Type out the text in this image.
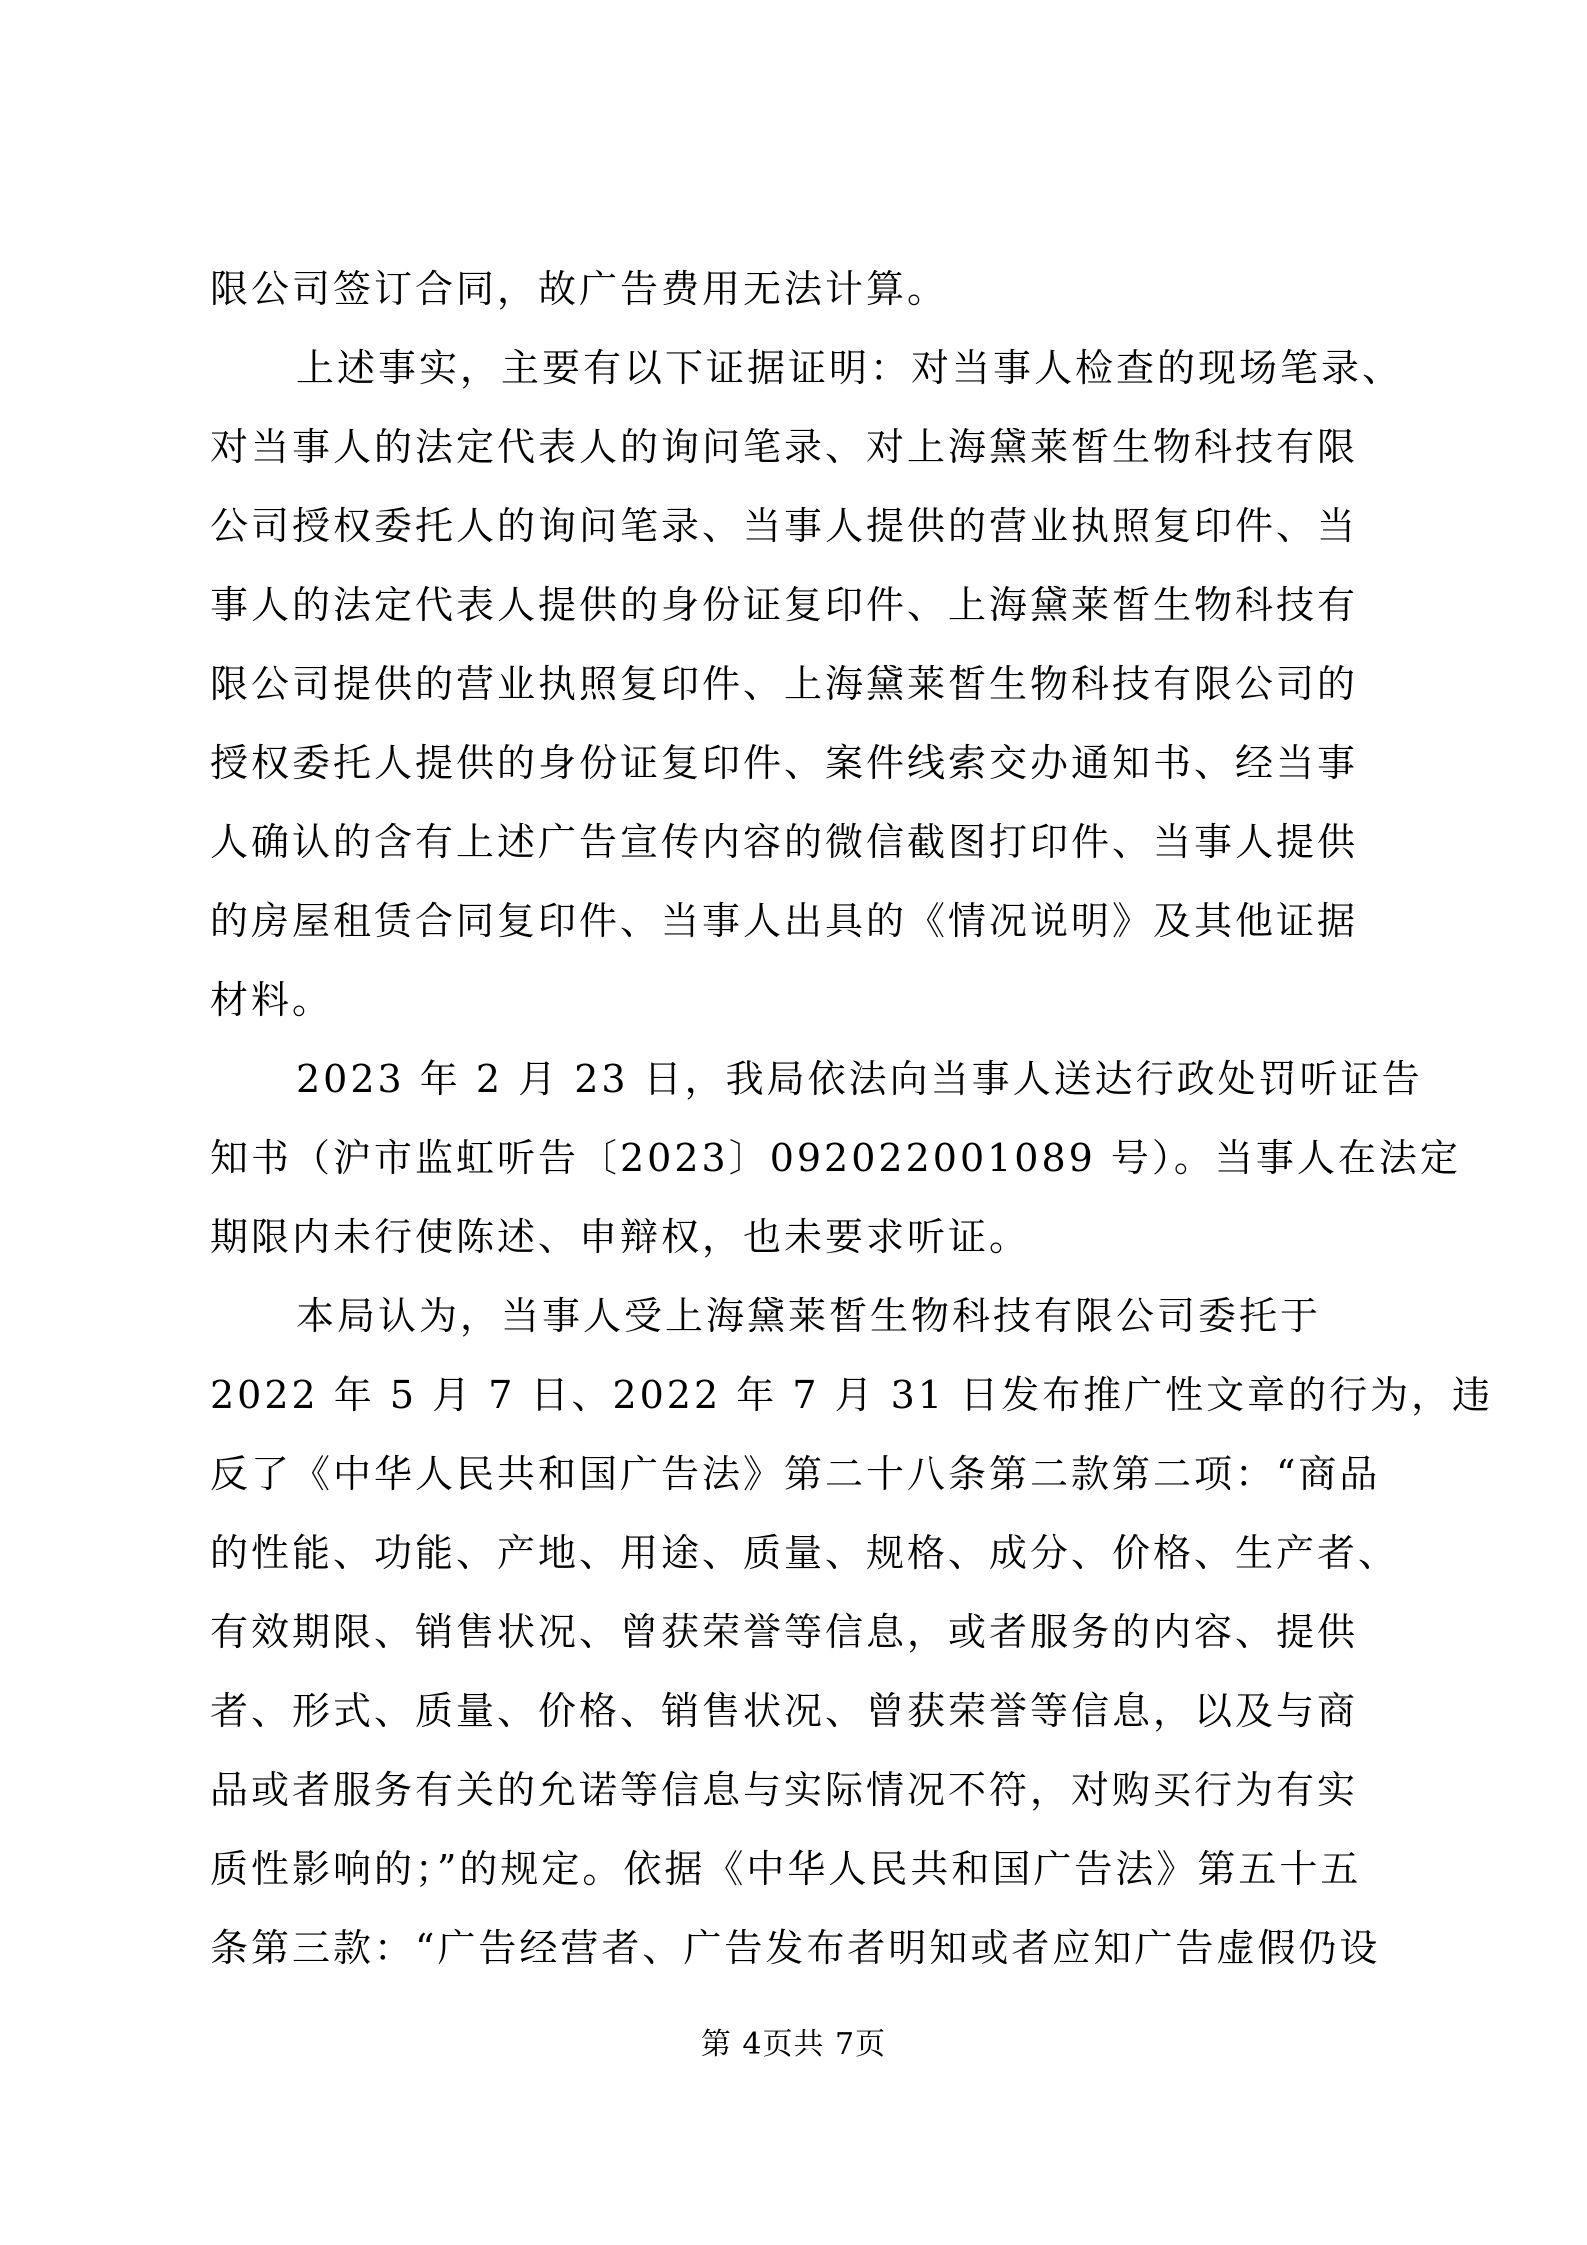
限公司签订合同，故广告费用无法计算。
上述事实，主要有以下证据证明：对当事人检查的现场笔录、
对当事人的法定代表人的询问笔录、对上海黛莱皙生物科技有限
公司授权委托人的询问笔录、当事人提供的营业执照复印件、当
事人的法定代表人提供的身份证复印件、上海黛莱皙生物科技有
限公司提供的营业执照复印件、上海黛莱皙生物科技有限公司的
授权委托人提供的身份证复印件、案件线索交办通知书、经当事
人确认的含有上述广告宣传内容的微信截图打印件、当事人提供
的房屋租赁合同复印件、当事人出具的《情况说明》及其他证据
材料。
2023 年 2 月 23 日，我局依法向当事人送达行政处罚听证告
知书（沪市监虹听告〔2023〕092022001089 号）。当事人在法定
期限内未行使陈述、申辩权，也未要求听证。
本局认为，当事人受上海黛莱皙生物科技有限公司委托于
2022 年 5 月 7 日、2022 年 7 月 31 日发布推广性文章的行为，违
反了《中华人民共和国广告法》第二十八条第二款第二项：“商品
的性能、功能、产地、用途、质量、规格、成分、价格、生产者、
有效期限、销售状况、曾获荣誉等信息，或者服务的内容、提供
者、形式、质量、价格、销售状况、曾获荣誉等信息，以及与商
品或者服务有关的允诺等信息与实际情况不符，对购买行为有实
质性影响的；”的规定。依据《中华人民共和国广告法》第五十五
条第三款：“广告经营者、广告发布者明知或者应知广告虚假仍设
第 4页共 7页
